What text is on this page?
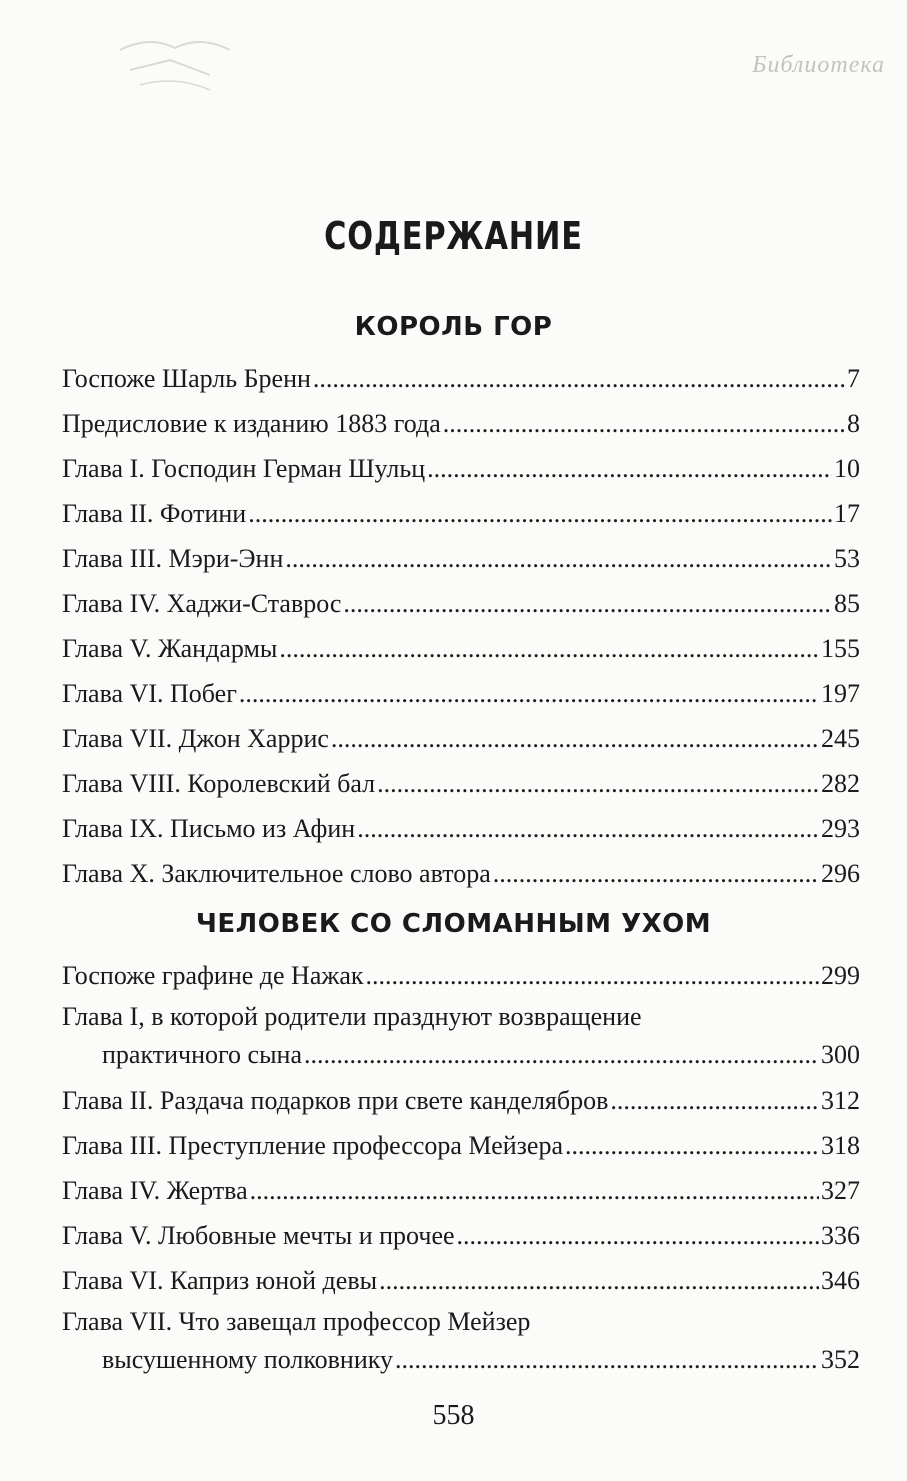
Библиотека
СОДЕРЖАНИЕ
КОРОЛЬ ГОР
Госпоже Шарль Бренн .....	7
Предисловие к изданию 1883 года .....	8
Глава I. Господин Герман Шульц .....	10
Глава II. Фотини .....	17
Глава III. Мэри-Энн .....	53
Глава IV. Хаджи-Ставрос .....	85
Глава V. Жандармы .....	155
Глава VI. Побег .....	197
Глава VII. Джон Харрис .....	245
Глава VIII. Королевский бал .....	282
Глава IX. Письмо из Афин .....	293
Глава X. Заключительное слово автора .....	296
ЧЕЛОВЕК СО СЛОМАННЫМ УХОМ
Госпоже графине де Нажак .....	299
Глава I, в которой родители празднуют возвращение
практичного сына .....	300
Глава II. Раздача подарков при свете канделябров .....	312
Глава III. Преступление профессора Мейзера .....	318
Глава IV. Жертва .....	327
Глава V. Любовные мечты и прочее .....	336
Глава VI. Каприз юной девы .....	346
Глава VII. Что завещал профессор Мейзер
высушенному полковнику .....	352
558
